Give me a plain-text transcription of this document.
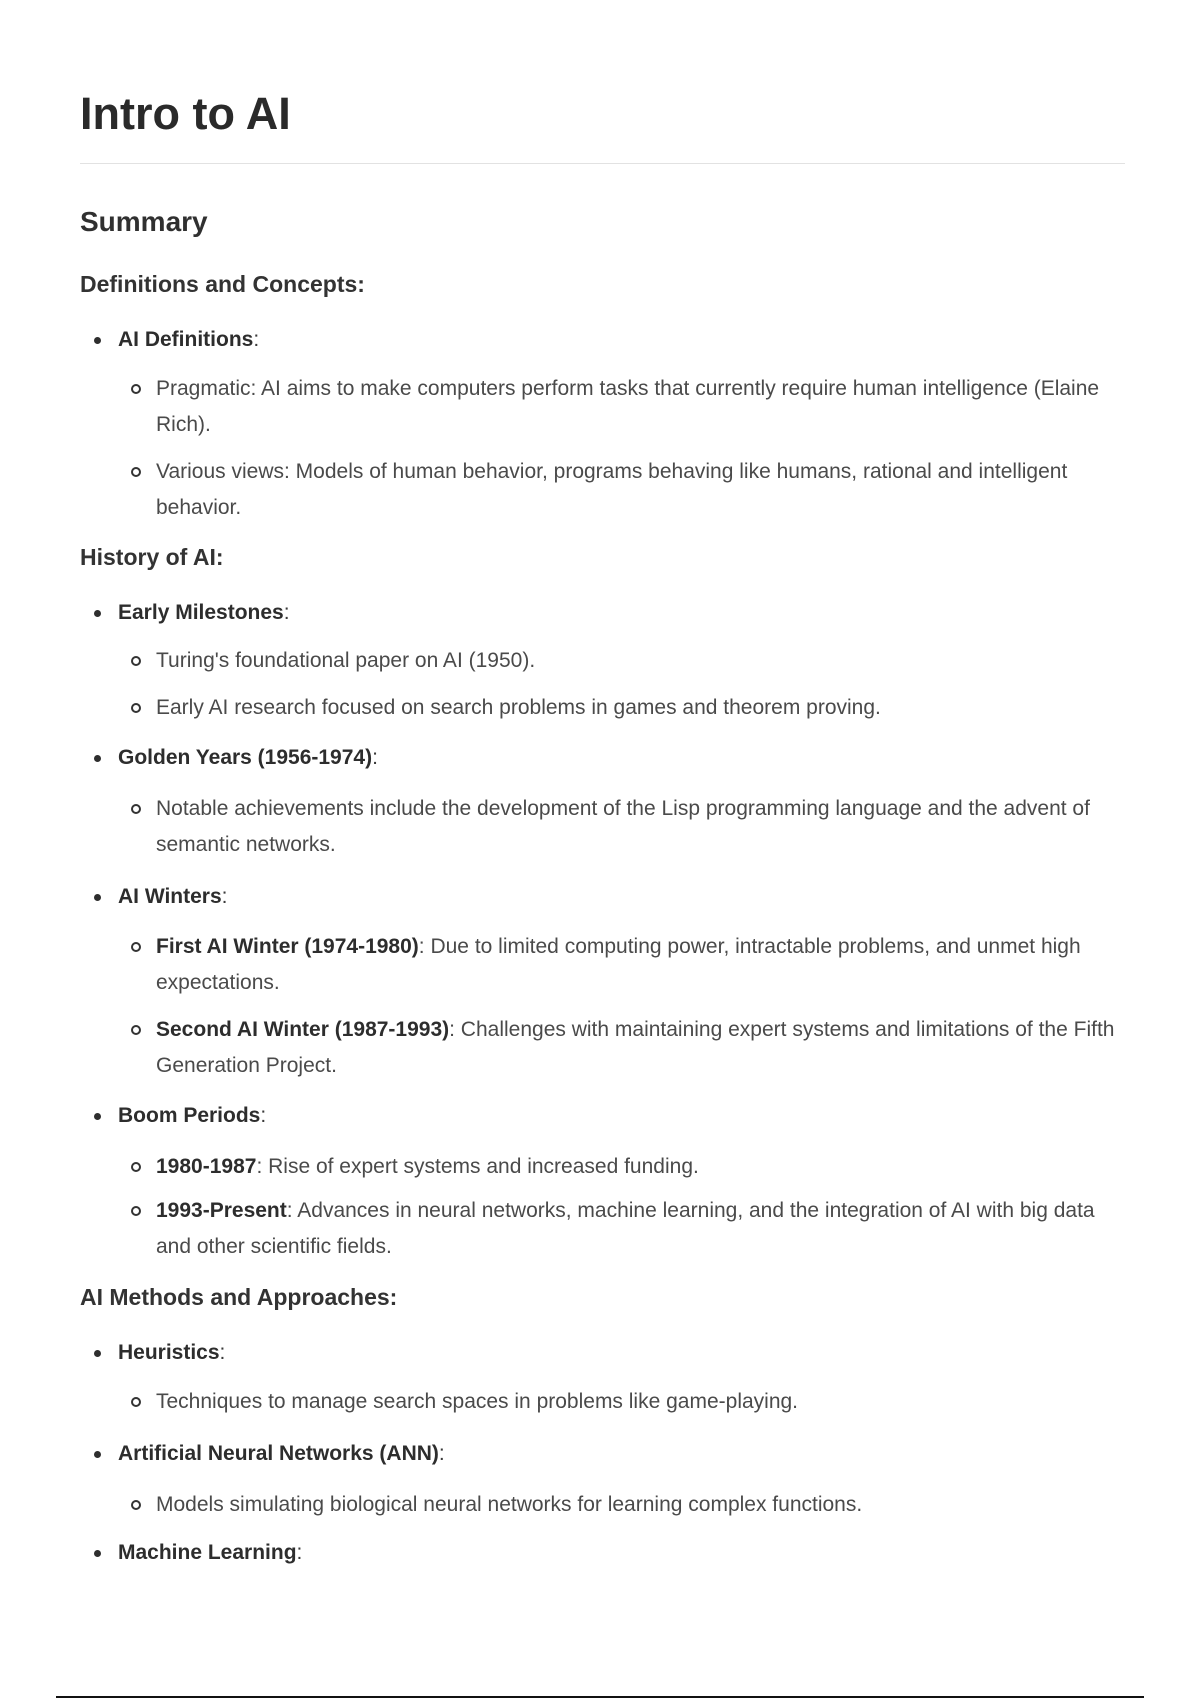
Intro to AI
Summary
Definitions and Concepts:
AI Definitions:
Pragmatic: AI aims to make computers perform tasks that currently require human intelligence (Elaine Rich).
Various views: Models of human behavior, programs behaving like humans, rational and intelligent behavior.
History of AI:
Early Milestones:
Turing's foundational paper on AI (1950).
Early AI research focused on search problems in games and theorem proving.
Golden Years (1956-1974):
Notable achievements include the development of the Lisp programming language and the advent of semantic networks.
AI Winters:
First AI Winter (1974-1980): Due to limited computing power, intractable problems, and unmet high expectations.
Second AI Winter (1987-1993): Challenges with maintaining expert systems and limitations of the Fifth Generation Project.
Boom Periods:
1980-1987: Rise of expert systems and increased funding.
1993-Present: Advances in neural networks, machine learning, and the integration of AI with big data and other scientific fields.
AI Methods and Approaches:
Heuristics:
Techniques to manage search spaces in problems like game-playing.
Artificial Neural Networks (ANN):
Models simulating biological neural networks for learning complex functions.
Machine Learning:
